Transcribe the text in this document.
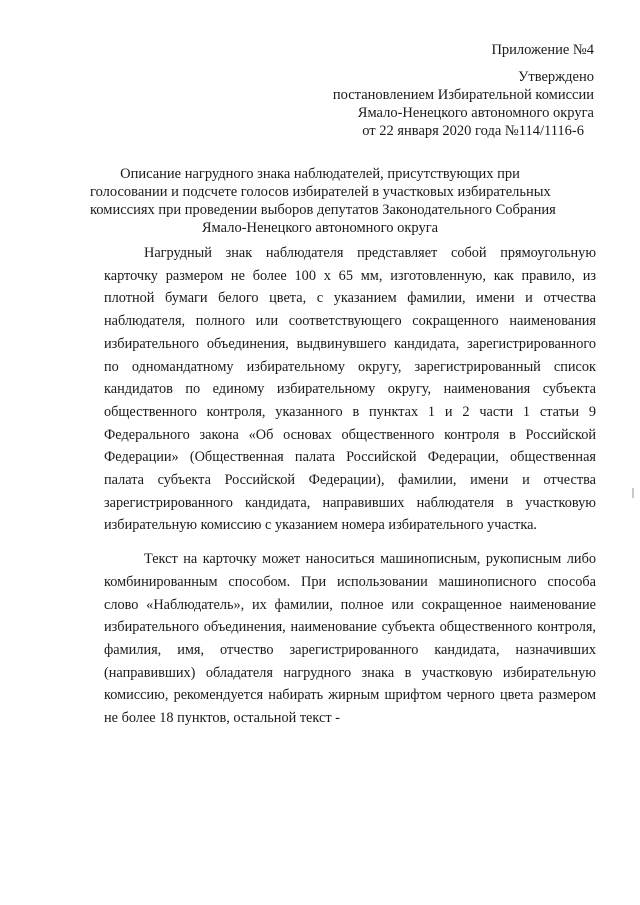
Приложение №4
Утверждено
постановлением Избирательной комиссии
Ямало-Ненецкого автономного округа
от 22 января 2020 года №114/1116-6
Описание нагрудного знака наблюдателей, присутствующих при
голосовании и подсчете голосов избирателей в участковых избирательных
комиссиях при проведении выборов депутатов Законодательного Собрания
Ямало-Ненецкого автономного округа

Нагрудный знак наблюдателя представляет собой прямоугольную карточку размером не более 100 х 65 мм, изготовленную, как правило, из плотной бумаги белого цвета, с указанием фамилии, имени и отчества наблюдателя, полного или соответствующего сокращенного наименования избирательного объединения, выдвинувшего кандидата, зарегистрированного по одномандатному избирательному округу, зарегистрированный список кандидатов по единому избирательному округу, наименования субъекта общественного контроля, указанного в пунктах 1 и 2 части 1 статьи 9 Федерального закона «Об основах общественного контроля в Российской Федерации» (Общественная палата Российской Федерации, общественная палата субъекта Российской Федерации), фамилии, имени и отчества зарегистрированного кандидата, направивших наблюдателя в участковую избирательную комиссию с указанием номера избирательного участка.

Текст на карточку может наноситься машинописным, рукописным либо комбинированным способом. При использовании машинописного способа слово «Наблюдатель», их фамилии, полное или сокращенное наименование избирательного объединения, наименование субъекта общественного контроля, фамилия, имя, отчество зарегистрированного кандидата, назначивших (направивших) обладателя нагрудного знака в участковую избирательную комиссию, рекомендуется набирать жирным шрифтом черного цвета размером не более 18 пунктов, остальной текст -
